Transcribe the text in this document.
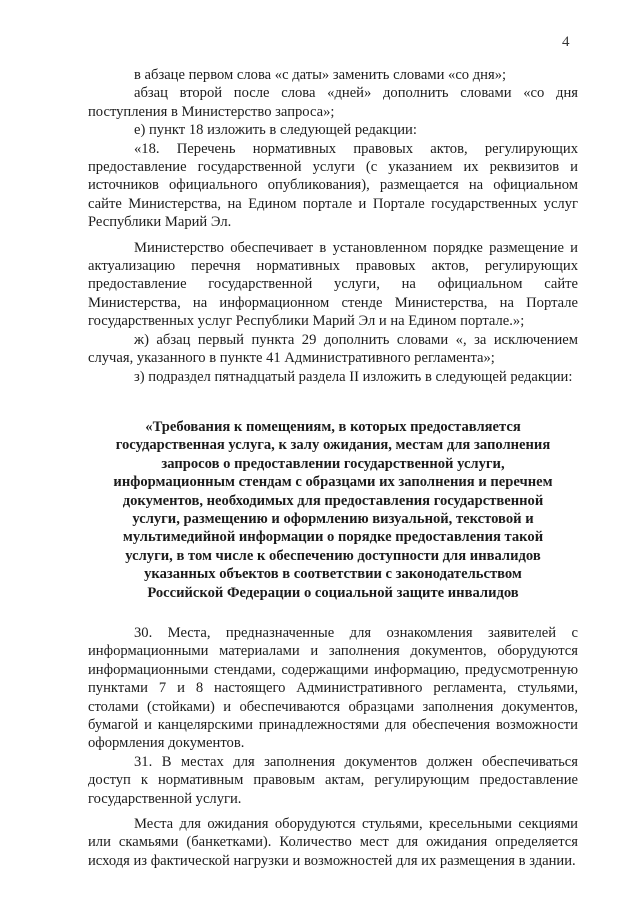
4

в абзаце первом слова «с даты» заменить словами «со дня»;

абзац второй после слова «дней» дополнить словами «со дня поступления в Министерство запроса»;

е) пункт 18 изложить в следующей редакции:

«18. Перечень нормативных правовых актов, регулирующих предоставление государственной услуги (с указанием их реквизитов и источников официального опубликования), размещается на официальном сайте Министерства, на Едином портале и Портале государственных услуг Республики Марий Эл.

Министерство обеспечивает в установленном порядке размещение и актуализацию перечня нормативных правовых актов, регулирующих предоставление государственной услуги, на официальном сайте Министерства, на информационном стенде Министерства, на Портале государственных услуг Республики Марий Эл и на Едином портале.»;

ж) абзац первый пункта 29 дополнить словами «, за исключением случая, указанного в пункте 41 Административного регламента»;

з) подраздел пятнадцатый раздела II изложить в следующей редакции:

«Требования к помещениям, в которых предоставляется
государственная услуга, к залу ожидания, местам для заполнения
запросов о предоставлении государственной услуги,
информационным стендам с образцами их заполнения и перечнем
документов, необходимых для предоставления государственной
услуги, размещению и оформлению визуальной, текстовой и
мультимедийной информации о порядке предоставления такой
услуги, в том числе к обеспечению доступности для инвалидов
указанных объектов в соответствии с законодательством
Российской Федерации о социальной защите инвалидов

30. Места, предназначенные для ознакомления заявителей с информационными материалами и заполнения документов, оборудуются информационными стендами, содержащими информацию, предусмотренную пунктами 7 и 8 настоящего Административного регламента, стульями, столами (стойками) и обеспечиваются образцами заполнения документов, бумагой и канцелярскими принадлежностями для обеспечения возможности оформления документов.

31. В местах для заполнения документов должен обеспечиваться доступ к нормативным правовым актам, регулирующим предоставление государственной услуги.

Места для ожидания оборудуются стульями, кресельными секциями или скамьями (банкетками). Количество мест для ожидания определяется исходя из фактической нагрузки и возможностей для их размещения в здании.
